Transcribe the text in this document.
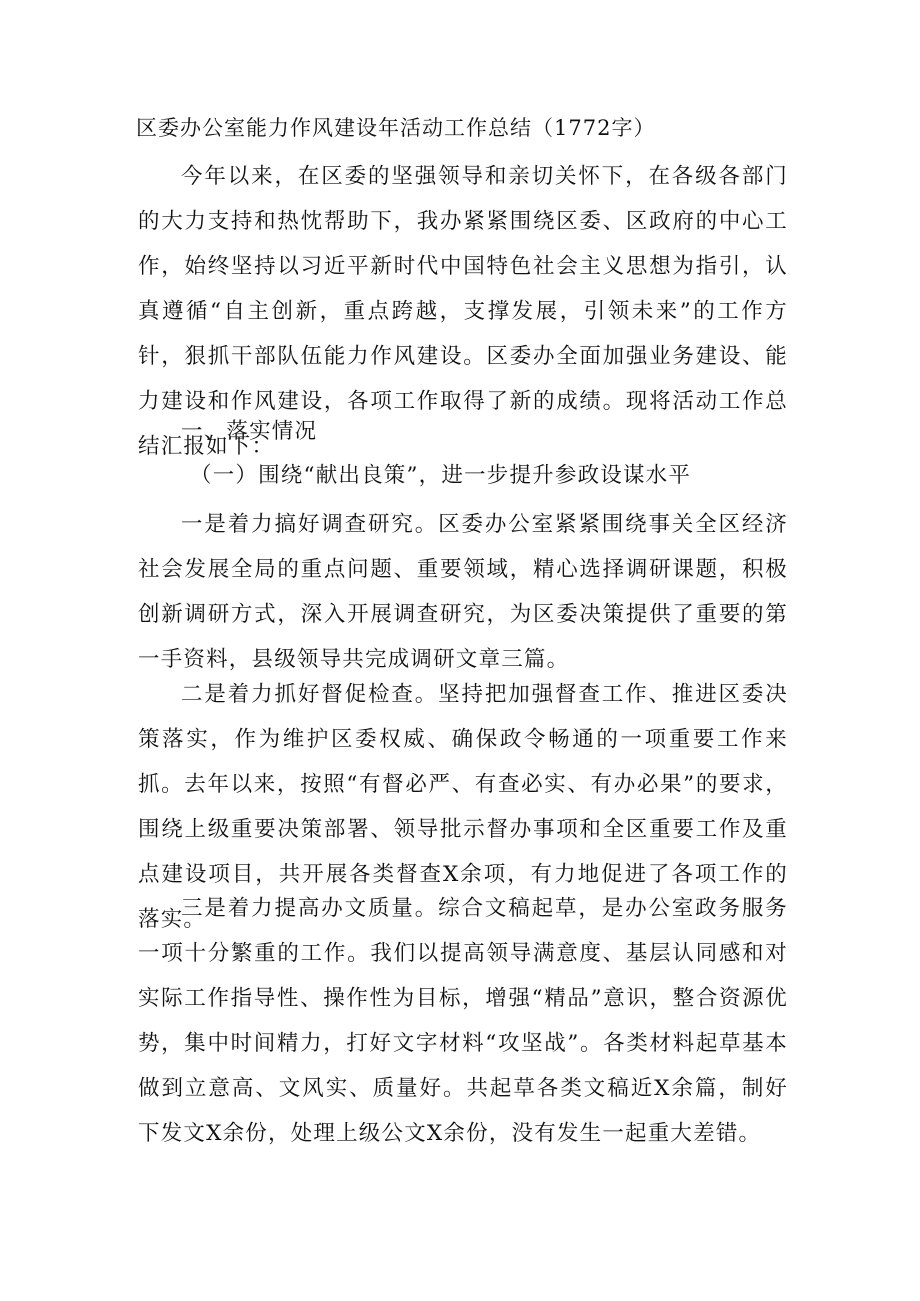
区委办公室能力作风建设年活动工作总结（1772字）

今年以来，在区委的坚强领导和亲切关怀下，在各级各部门的大力支持和热忱帮助下，我办紧紧围绕区委、区政府的中心工作，始终坚持以习近平新时代中国特色社会主义思想为指引，认真遵循“自主创新，重点跨越，支撑发展，引领未来”的工作方针，狠抓干部队伍能力作风建设。区委办全面加强业务建设、能力建设和作风建设，各项工作取得了新的成绩。现将活动工作总结汇报如下：

一、落实情况
（一）围绕“献出良策”，进一步提升参政设谋水平

一是着力搞好调查研究。区委办公室紧紧围绕事关全区经济社会发展全局的重点问题、重要领域，精心选择调研课题，积极创新调研方式，深入开展调查研究，为区委决策提供了重要的第一手资料，县级领导共完成调研文章三篇。

二是着力抓好督促检查。坚持把加强督查工作、推进区委决策落实，作为维护区委权威、确保政令畅通的一项重要工作来抓。去年以来，按照“有督必严、有查必实、有办必果”的要求，围绕上级重要决策部署、领导批示督办事项和全区重要工作及重点建设项目，共开展各类督查X余项，有力地促进了各项工作的落实。

三是着力提高办文质量。综合文稿起草，是办公室政务服务一项十分繁重的工作。我们以提高领导满意度、基层认同感和对实际工作指导性、操作性为目标，增强“精品”意识，整合资源优势，集中时间精力，打好文字材料“攻坚战”。各类材料起草基本做到立意高、文风实、质量好。共起草各类文稿近X余篇，制好下发文X余份，处理上级公文X余份，没有发生一起重大差错。
